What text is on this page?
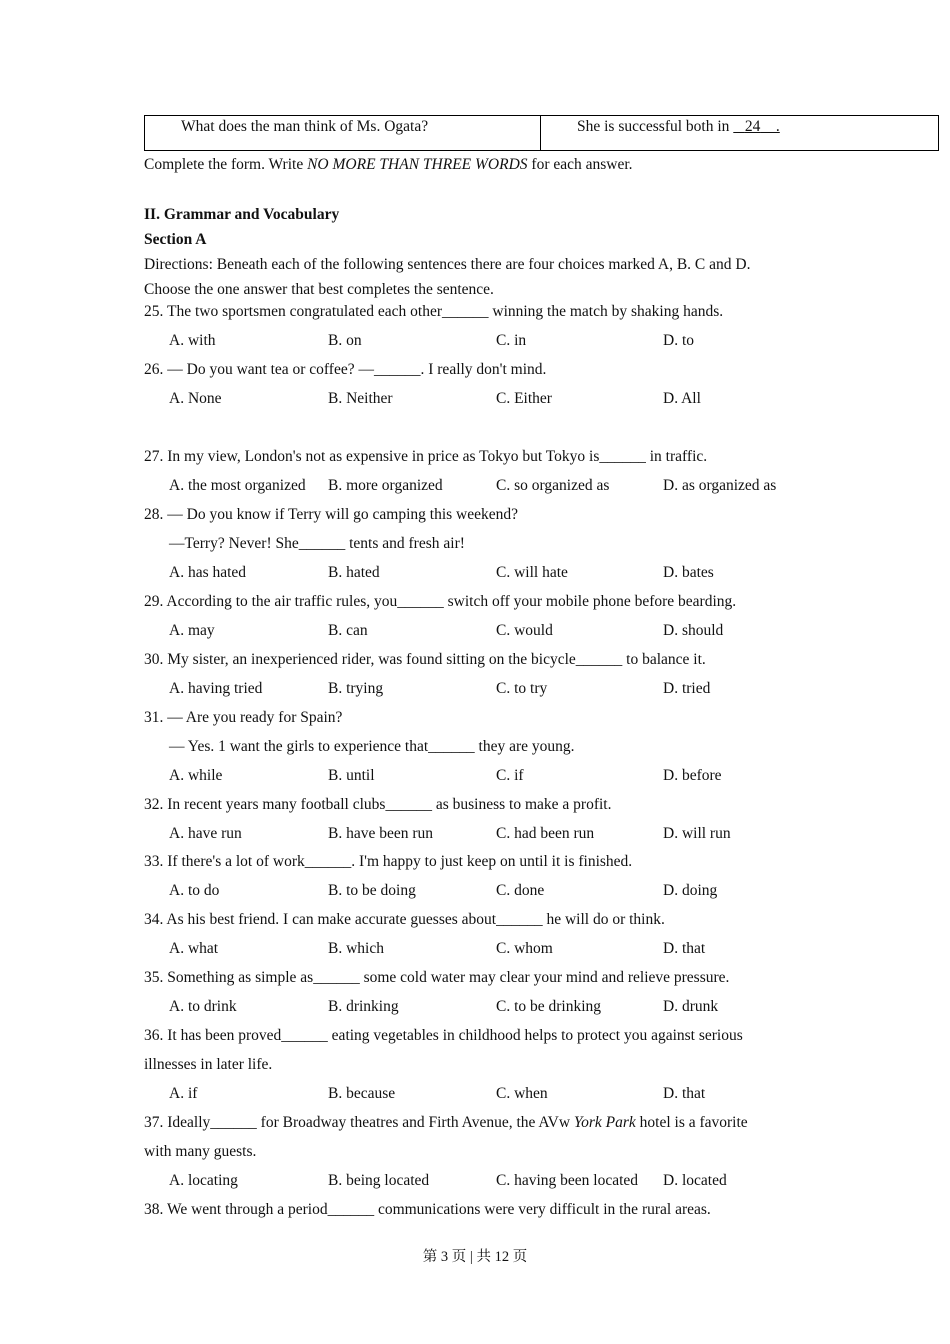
What does the man think of Ms. Ogata?	She is successful both in    24    .
Complete the form. Write NO MORE THAN THREE WORDS for each answer.
II. Grammar and Vocabulary
Section A
Directions: Beneath each of the following sentences there are four choices marked A, B. C and D.
Choose the one answer that best completes the sentence.
25. The two sportsmen congratulated each other______ winning the match by shaking hands.
A. with	B. on	C. in	D. to
26. — Do you want tea or coffee? —______. I really don't mind.
A. None	B. Neither	C. Either	D. All
27. In my view, London's not as expensive in price as Tokyo but Tokyo is______ in traffic.
A. the most organized B. more organized	C. so organized as	D. as organized as
28. — Do you know if Terry will go camping this weekend?
—Terry? Never! She______ tents and fresh air!
A. has hated	B. hated	C. will hate	D. bates
29. According to the air traffic rules, you______ switch off your mobile phone before bearding.
A. may	B. can	C. would	D. should
30. My sister, an inexperienced rider, was found sitting on the bicycle______ to balance it.
A. having tried	B. trying	C. to try	D. tried
31. — Are you ready for Spain?
— Yes. 1 want the girls to experience that______ they are young.
A. while	B. until	C. if	D. before
32. In recent years many football clubs______ as business to make a profit.
A. have run	B. have been run	C. had been run	D. will run
33. If there's a lot of work______. I'm happy to just keep on until it is finished.
A. to do	B. to be doing	C. done	D. doing
34. As his best friend. I can make accurate guesses about______ he will do or think.
A. what	B. which	C. whom	D. that
35. Something as simple as______ some cold water may clear your mind and relieve pressure.
A. to drink	B. drinking	C. to be drinking	D. drunk
36. It has been proved______ eating vegetables in childhood helps to protect you against serious
illnesses in later life.
A. if	B. because	C. when	D. that
37. Ideally______ for Broadway theatres and Firth Avenue, the AVw York Park hotel is a favorite
with many guests.
A. locating	B. being located	C. having been located D. located
38. We went through a period______ communications were very difficult in the rural areas.
第 3 页 | 共 12 页
